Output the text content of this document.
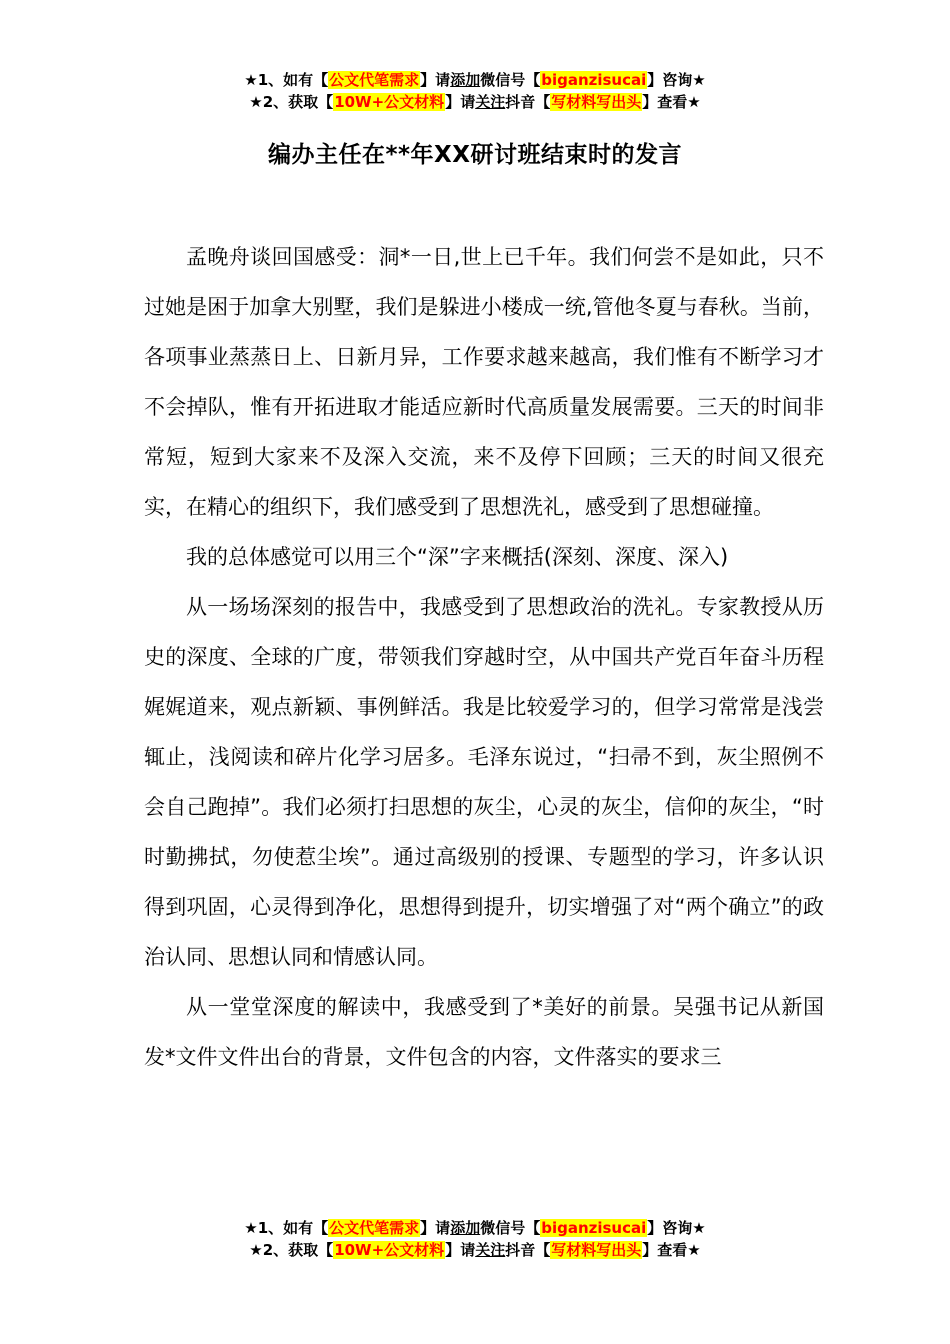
★1、如有【公文代笔需求】请添加微信号【biganzisucai】咨询★
★2、获取【10W+公文材料】请关注抖音【写材料写出头】查看★
编办主任在**年XX研讨班结束时的发言

孟晚舟谈回国感受：洞*一日,世上已千年。我们何尝不是如此，只不过她是困于加拿大别墅，我们是躲进小楼成一统,管他冬夏与春秋。当前，各项事业蒸蒸日上、日新月异，工作要求越来越高，我们惟有不断学习才不会掉队，惟有开拓进取才能适应新时代高质量发展需要。三天的时间非常短，短到大家来不及深入交流，来不及停下回顾；三天的时间又很充实，在精心的组织下，我们感受到了思想洗礼，感受到了思想碰撞。

我的总体感觉可以用三个“深”字来概括(深刻、深度、深入)

从一场场深刻的报告中，我感受到了思想政治的洗礼。专家教授从历史的深度、全球的广度，带领我们穿越时空，从中国共产党百年奋斗历程娓娓道来，观点新颖、事例鲜活。我是比较爱学习的，但学习常常是浅尝辄止，浅阅读和碎片化学习居多。毛泽东说过，“扫帚不到，灰尘照例不会自己跑掉”。我们必须打扫思想的灰尘，心灵的灰尘，信仰的灰尘，“时时勤拂拭，勿使惹尘埃”。通过高级别的授课、专题型的学习，许多认识得到巩固，心灵得到净化，思想得到提升，切实增强了对“两个确立”的政治认同、思想认同和情感认同。

从一堂堂深度的解读中，我感受到了*美好的前景。吴强书记从新国发*文件文件出台的背景，文件包含的内容，文件落实的要求三

★1、如有【公文代笔需求】请添加微信号【biganzisucai】咨询★
★2、获取【10W+公文材料】请关注抖音【写材料写出头】查看★
